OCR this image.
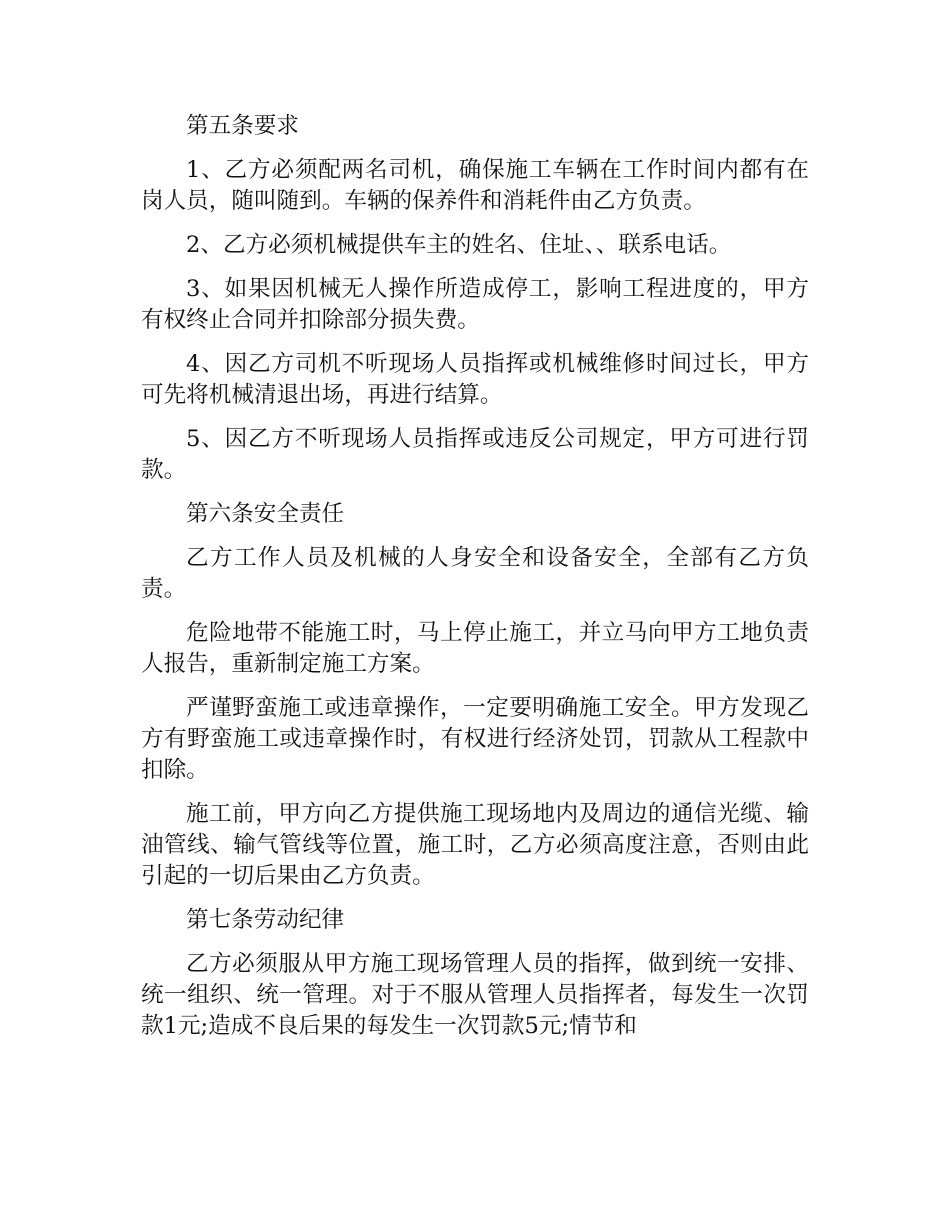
第五条要求

1、乙方必须配两名司机，确保施工车辆在工作时间内都有在岗人员，随叫随到。车辆的保养件和消耗件由乙方负责。

2、乙方必须机械提供车主的姓名、住址、、联系电话。

3、如果因机械无人操作所造成停工，影响工程进度的，甲方有权终止合同并扣除部分损失费。

4、因乙方司机不听现场人员指挥或机械维修时间过长，甲方可先将机械清退出场，再进行结算。

5、因乙方不听现场人员指挥或违反公司规定，甲方可进行罚款。

第六条安全责任

乙方工作人员及机械的人身安全和设备安全，全部有乙方负责。

危险地带不能施工时，马上停止施工，并立马向甲方工地负责人报告，重新制定施工方案。

严谨野蛮施工或违章操作，一定要明确施工安全。甲方发现乙方有野蛮施工或违章操作时，有权进行经济处罚，罚款从工程款中扣除。

施工前，甲方向乙方提供施工现场地内及周边的通信光缆、输油管线、输气管线等位置，施工时，乙方必须高度注意，否则由此引起的一切后果由乙方负责。

第七条劳动纪律

乙方必须服从甲方施工现场管理人员的指挥，做到统一安排、统一组织、统一管理。对于不服从管理人员指挥者，每发生一次罚款1元;造成不良后果的每发生一次罚款5元;情节和
